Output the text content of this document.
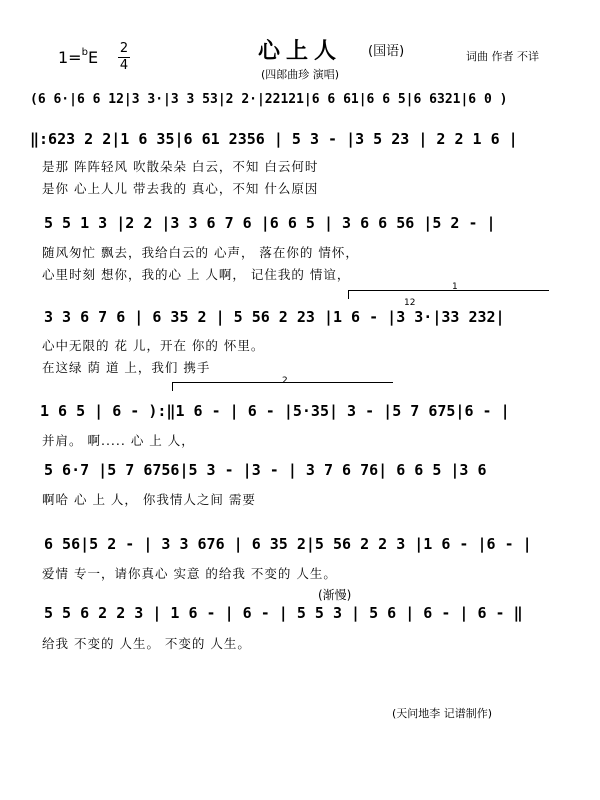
心上人	(国语)
1=$^b$E 2
4
(四郎曲珍 演唱)
词曲 作者 不详
(6 6·|6 6 12|3 3·|3 3 53|2 2·|22121|6 6 61|6 6 5|6 6321|6 0 )
‖:623 2 2|1 6 35|6 61 2356 | 5 3 - |3 5 23 | 2 2 1 6 |
是那 阵阵轻风 吹散朵朵 白云，不知 白云何时
是你 心上人儿 带去我的 真心，不知 什么原因
5 5 1 3 |2 2 |3 3 6 7 6 |6 6 5 | 3 6 6 56 |5 2 - |
随风匆忙 飘去，我给白云的 心声， 落在你的 情怀，
心里时刻 想你，我的心 上 人啊， 记住我的 情谊，
1
12
3 3 6 7 6 | 6 35 2 | 5 56 2 23 |1 6 - |3 3·|33 232|
心中无限的 花 儿，开在 你的 怀里。
在这绿 荫 道 上，我们 携手
2
1 6 5 | 6 - ):‖1 6 - | 6 - |5·35| 3 - |5 7 675|6 - |
并肩。 啊..... 心 上 人，
5 6·7 |5 7 6756|5 3 - |3 - | 3 7 6 76| 6 6 5 |3 6
啊哈 心 上 人， 你我情人之间 需要
6 56|5 2 - | 3 3 676 | 6 35 2|5 56 2 2 3 |1 6 - |6 - |
爱情 专一，请你真心 实意 的给我 不变的 人生。
(渐慢)
5 5 6 2 2 3 | 1 6 - | 6 - | 5 5 3 | 5 6 | 6 - | 6 - ‖
给我 不变的 人生。 不变的 人生。
(天问地李 记谱制作)
